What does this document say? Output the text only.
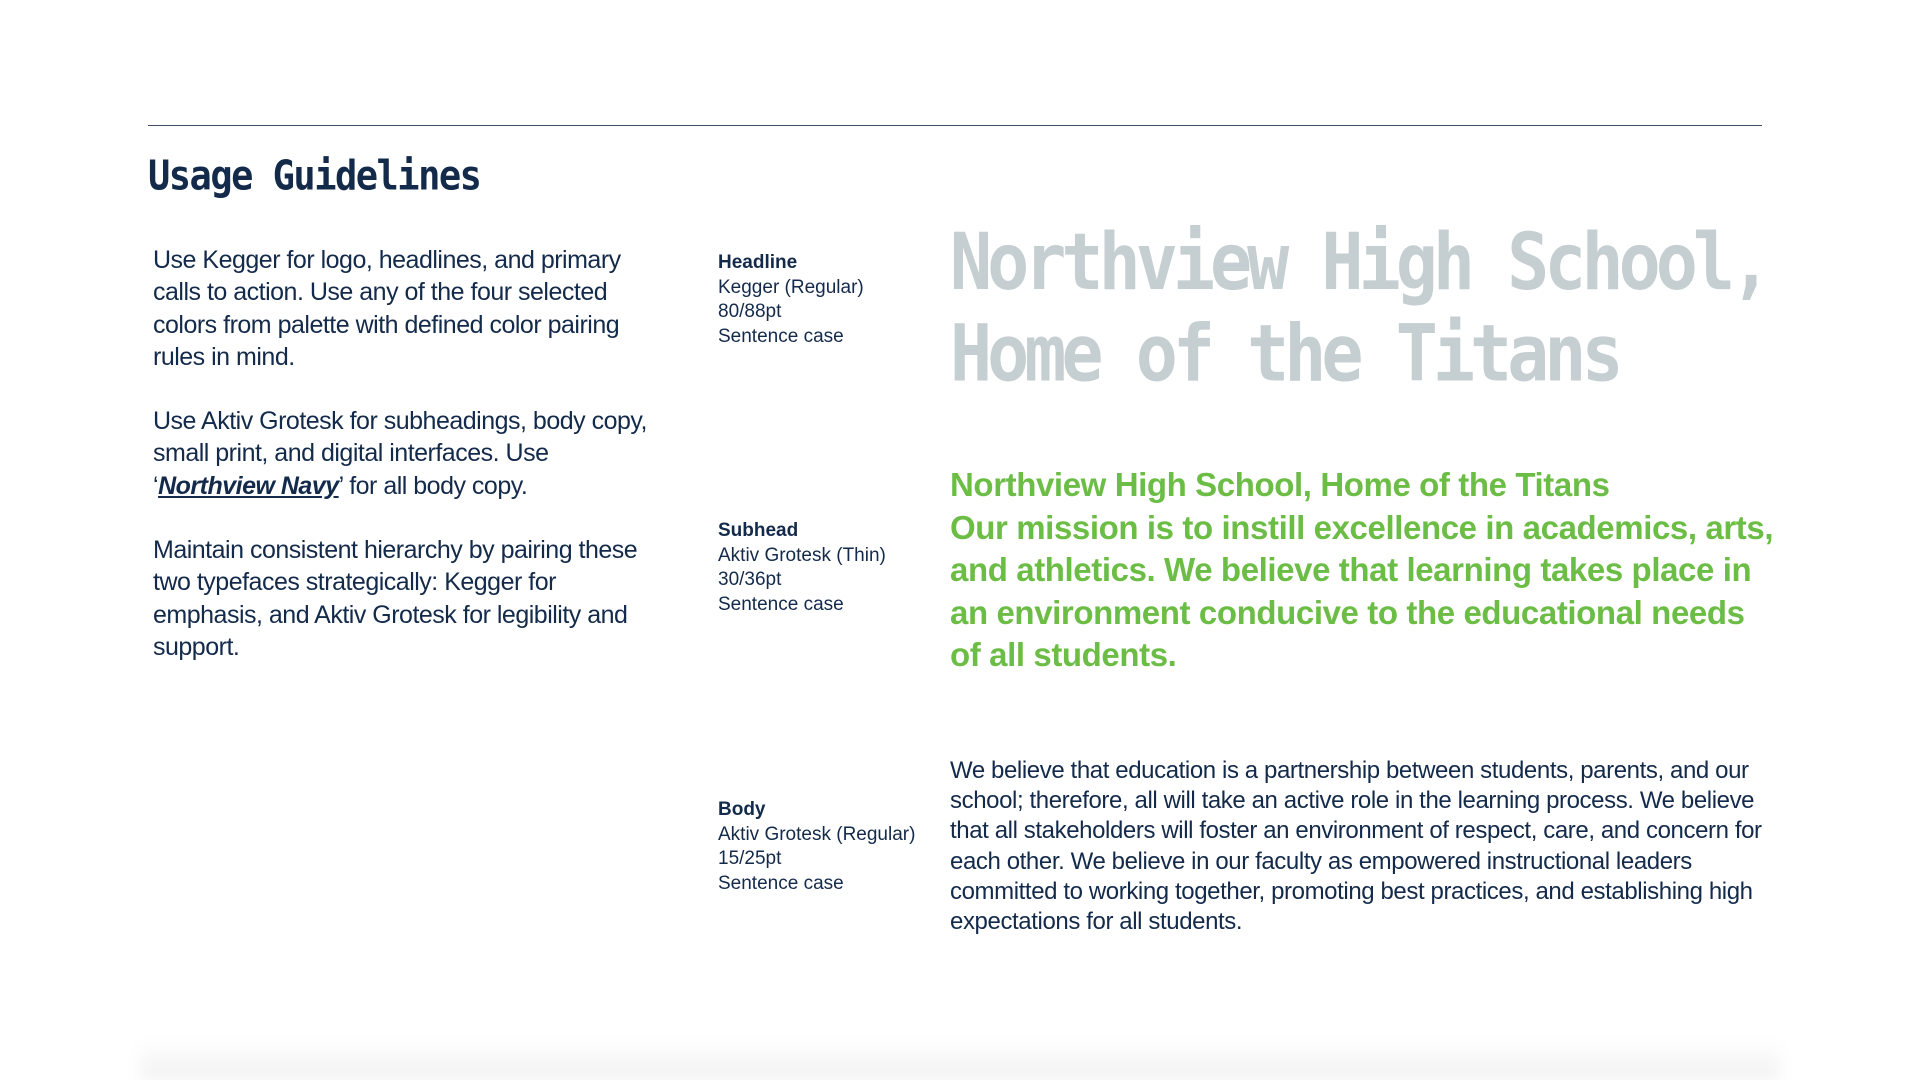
Usage Guidelines

Use Kegger for logo, headlines, and primary calls to action. Use any of the four selected colors from palette with defined color pairing rules in mind.

Use Aktiv Grotesk for subheadings, body copy, small print, and digital interfaces. Use ‘Northview Navy’ for all body copy.

Maintain consistent hierarchy by pairing these two typefaces strategically: Kegger for emphasis, and Aktiv Grotesk for legibility and support.

Headline
Kegger (Regular)
80/88pt
Sentence case
Subhead
Aktiv Grotesk (Thin)
30/36pt
Sentence case
Body
Aktiv Grotesk (Regular)
15/25pt
Sentence case

Northview High School, Home of the Titans

Northview High School, Home of the Titans
Our mission is to instill excellence in academics, arts, and athletics. We believe that learning takes place in an environment conducive to the educational needs of all students.

We believe that education is a partnership between students, parents, and our school; therefore, all will take an active role in the learning process. We believe that all stakeholders will foster an environment of respect, care, and concern for each other. We believe in our faculty as empowered instructional leaders committed to working together, promoting best practices, and establishing high expectations for all students.
